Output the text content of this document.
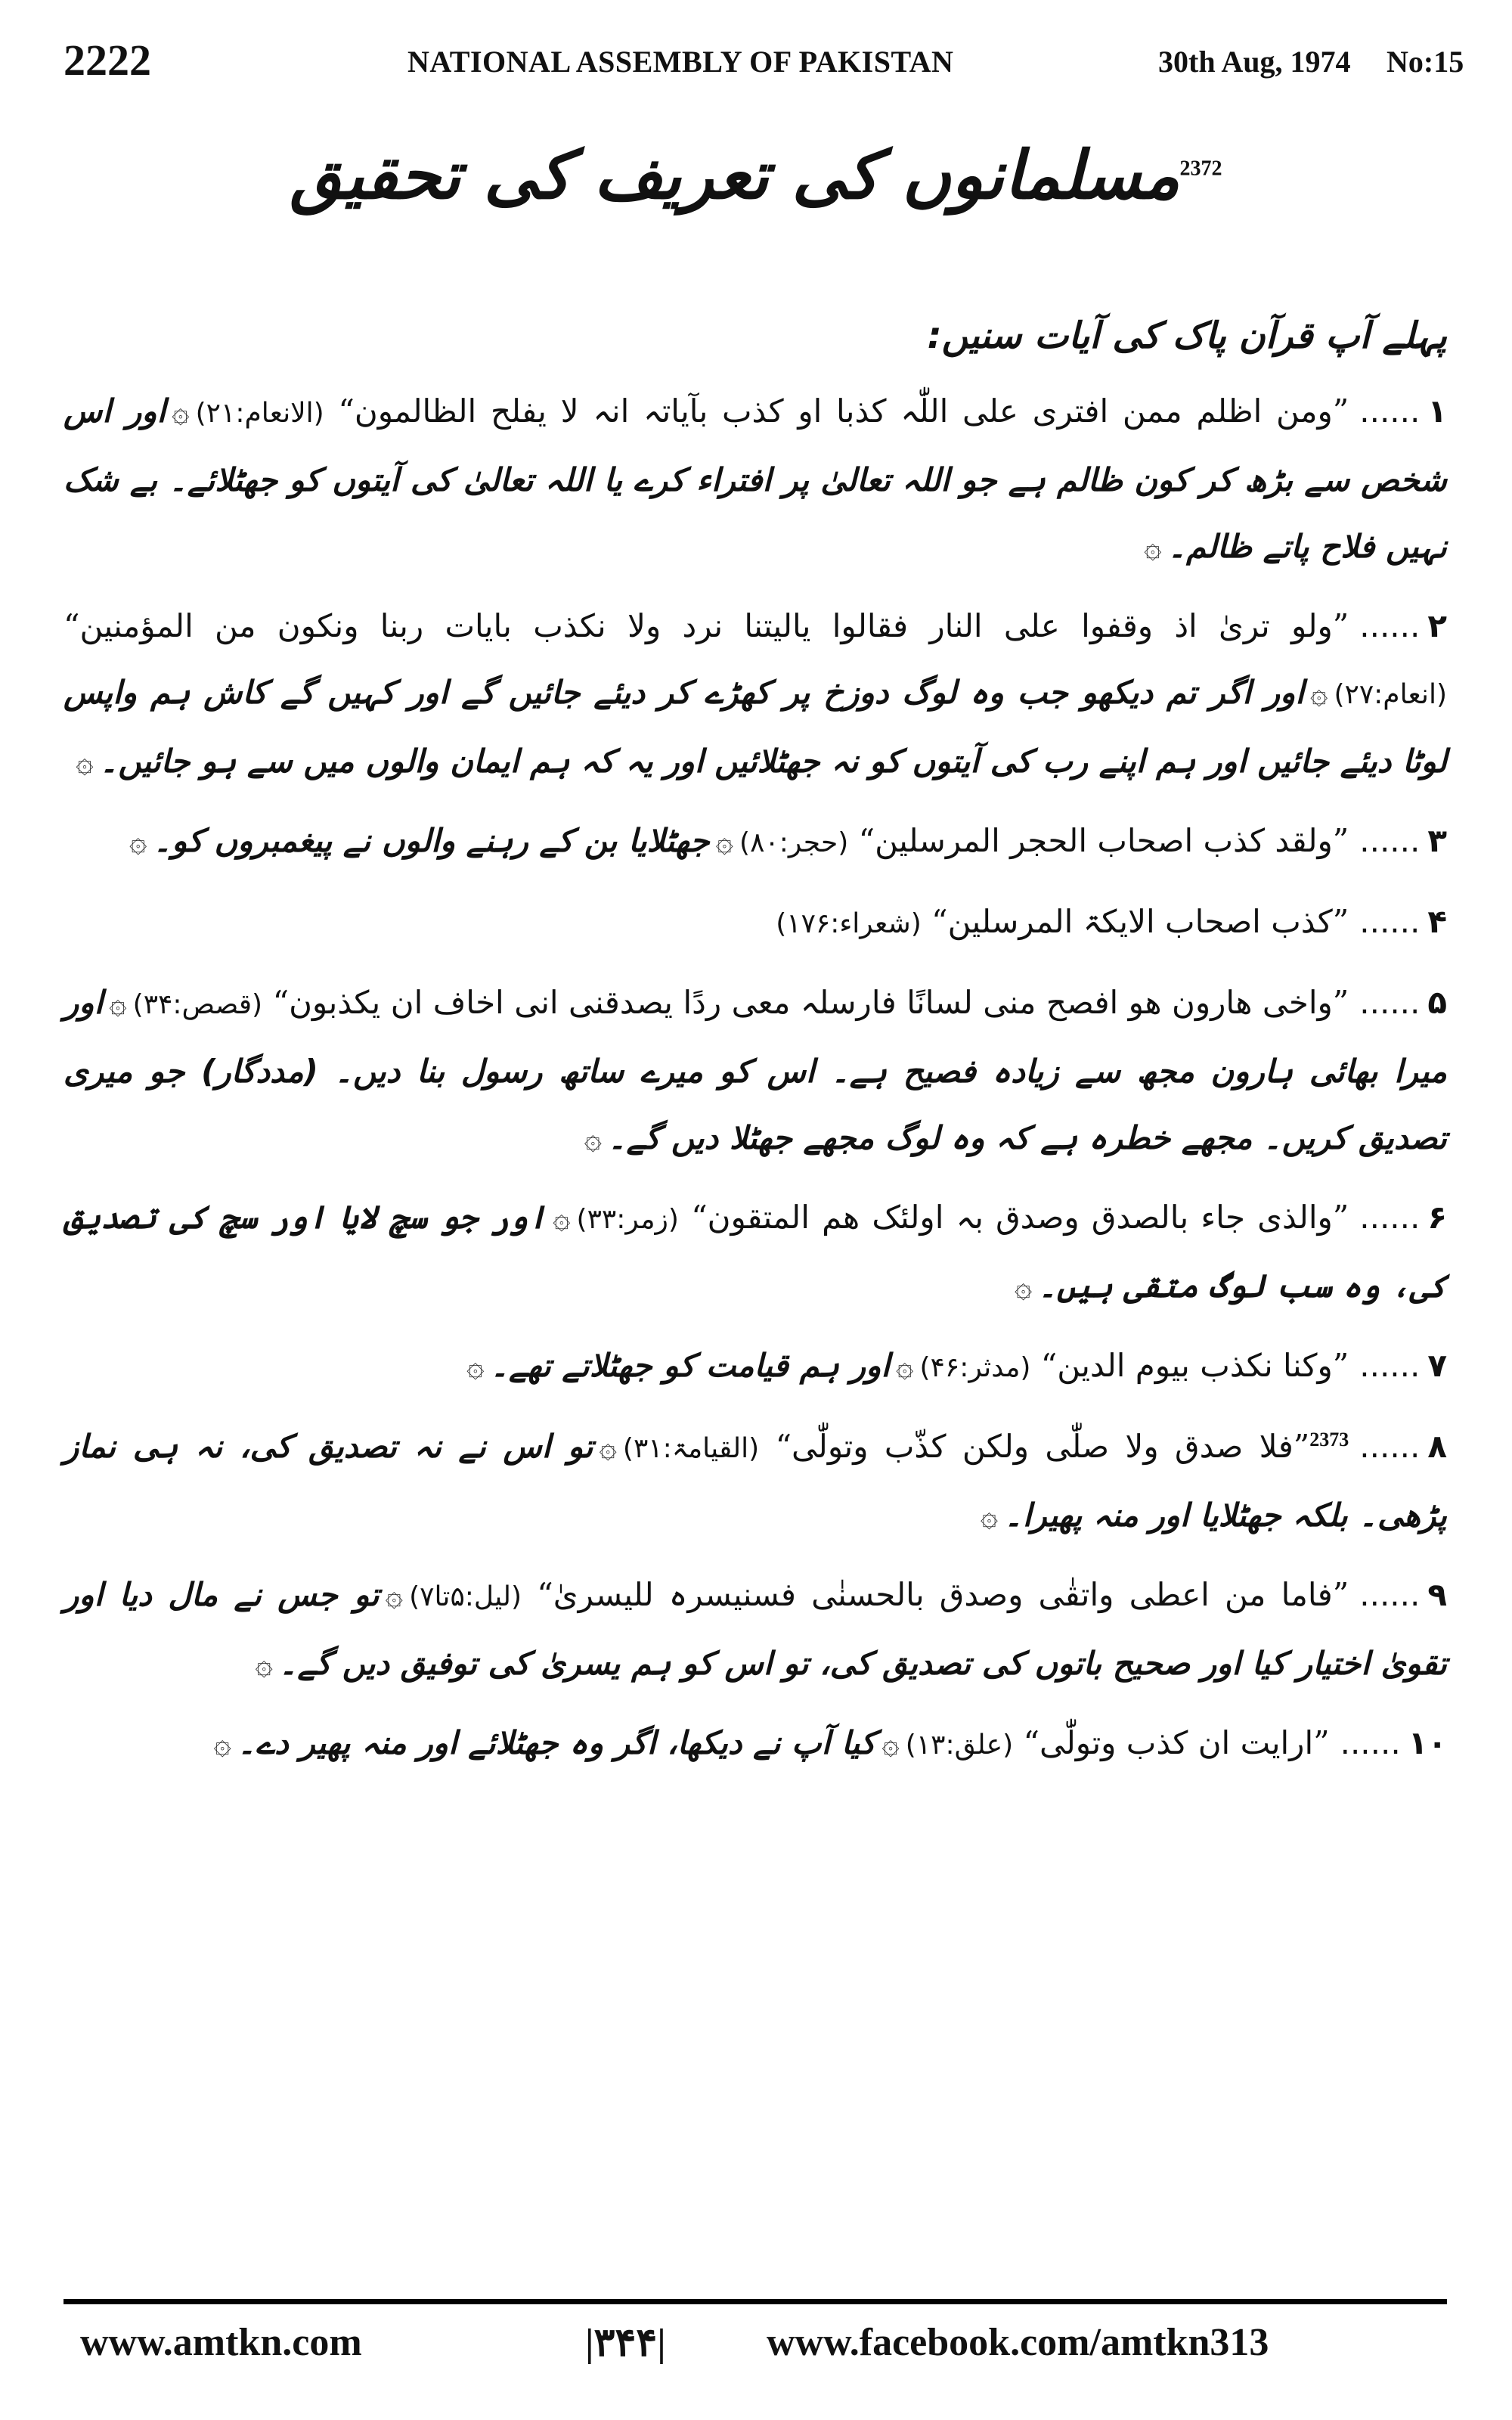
2222	NATIONAL ASSEMBLY OF PAKISTAN	30th Aug, 1974 No:15
$^{2372}$مسلمانوں کی تعریف کی تحقیق
پہلے آپ قرآن پاک کی آیات سنیں:
۱......”ومن اظلم ممن افتری علی اللّٰہ کذبا او کذب بآیاتہ انہ لا یفلح الظالمون“ (الانعام:۲۱)۞اور اس شخص سے بڑھ کر کون ظالم ہے جو اللہ تعالیٰ پر افتراء کرے یا اللہ تعالیٰ کی آیتوں کو جھٹلائے۔ بے شک نہیں فلاح پاتے ظالم۔۞
۲......”ولو تریٰ اذ وقفوا علی النار فقالوا یالیتنا نرد ولا نکذب بایات ربنا ونکون من المؤمنین“ (انعام:۲۷)۞اور اگر تم دیکھو جب وہ لوگ دوزخ پر کھڑے کر دیئے جائیں گے اور کہیں گے کاش ہم واپس لوٹا دیئے جائیں اور ہم اپنے رب کی آیتوں کو نہ جھٹلائیں اور یہ کہ ہم ایمان والوں میں سے ہو جائیں۔۞
۳......”ولقد کذب اصحاب الحجر المرسلین“ (حجر:۸۰)۞جھٹلایا بن کے رہنے والوں نے پیغمبروں کو۔۞
۴......”کذب اصحاب الایکۃ المرسلین“ (شعراء:۱۷۶)
۵......”واخی ھارون ھو افصح منی لسانًا فارسلہ معی ردًا یصدقنی انی اخاف ان یکذبون“ (قصص:۳۴)۞اور میرا بھائی ہارون مجھ سے زیادہ فصیح ہے۔ اس کو میرے ساتھ رسول بنا دیں۔ (مددگار) جو میری تصدیق کریں۔ مجھے خطرہ ہے کہ وہ لوگ مجھے جھٹلا دیں گے۔۞
۶......”والذی جاء بالصدق وصدق بہ اولئک ھم المتقون“ (زمر:۳۳)۞اور جو سچ لایا اور سچ کی تصدیق کی، وہ سب لوگ متقی ہیں۔۞
۷......”وکنا نکذب بیوم الدین“ (مدثر:۴۶)۞اور ہم قیامت کو جھٹلاتے تھے۔۞
۸......$^{2373}$”فلا صدق ولا صلّٰی ولکن کذّب وتولّٰی“ (القیامۃ:۳۱)۞تو اس نے نہ تصدیق کی، نہ ہی نماز پڑھی۔ بلکہ جھٹلایا اور منہ پھیرا۔۞
۹......”فاما من اعطی واتقٰی وصدق بالحسنٰی فسنیسرہ للیسریٰ“ (لیل:۵تا۷)۞تو جس نے مال دیا اور تقویٰ اختیار کیا اور صحیح باتوں کی تصدیق کی، تو اس کو ہم یسریٰ کی توفیق دیں گے۔۞
۱۰......”ارایت ان کذب وتولّٰی“ (علق:۱۳)۞کیا آپ نے دیکھا، اگر وہ جھٹلائے اور منہ پھیر دے۔۞
www.amtkn.com	|۳۴۴|	www.facebook.com/amtkn313
